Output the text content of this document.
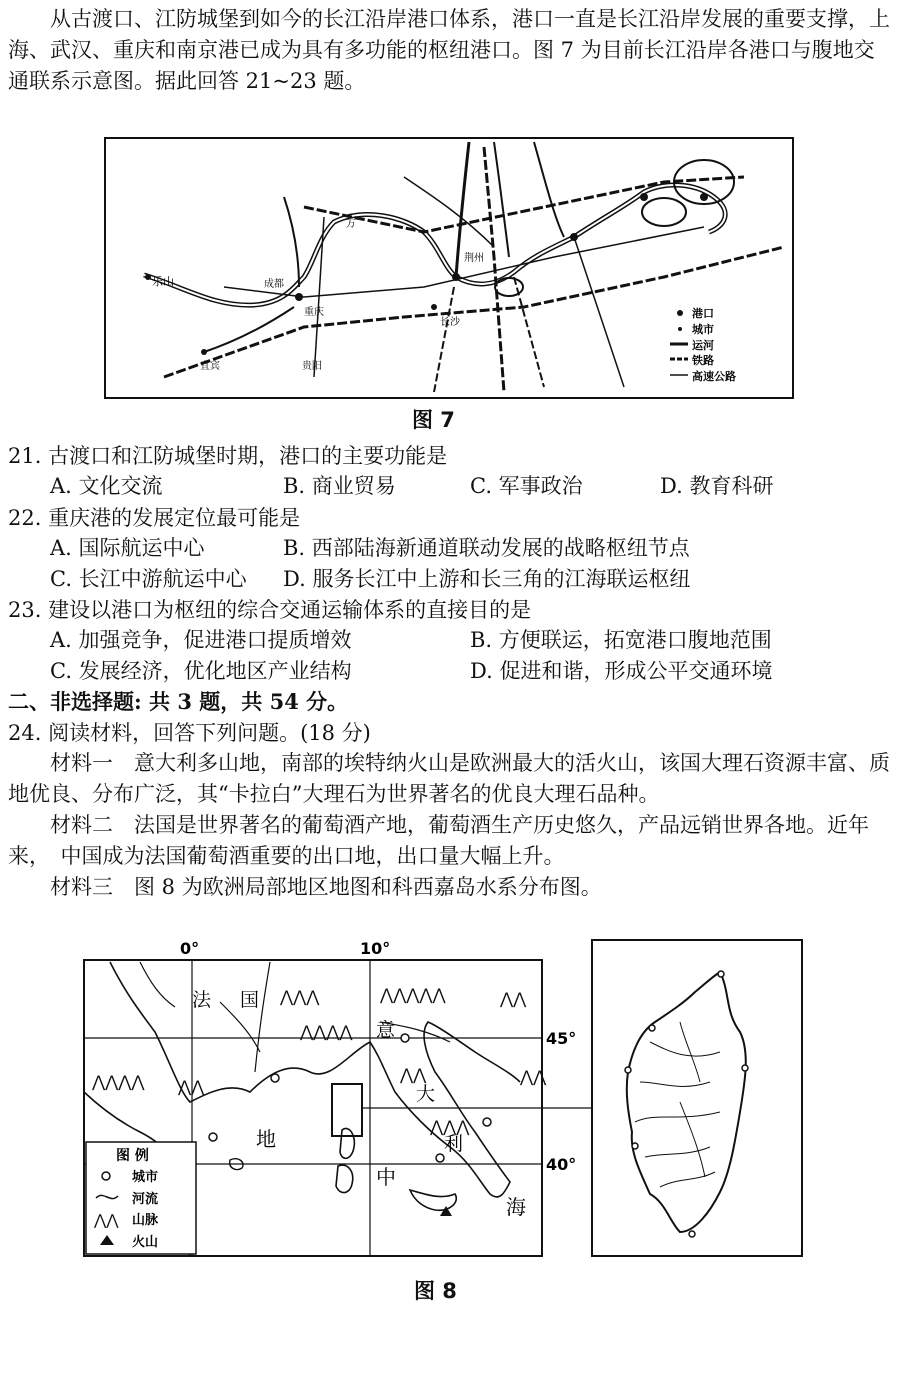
从古渡口、江防城堡到如今的长江沿岸港口体系，港口一直是长江沿岸发展的重要支撑，上海、武汉、重庆和南京港已成为具有多功能的枢纽港口。图 7 为目前长江沿岸各港口与腹地交通联系示意图。据此回答 21~23 题。
乐山
宜宾
万
成都
重庆
荆州
长沙
贵阳
港口
城市
运河
铁路
高速公路
图 7
21. 古渡口和江防城堡时期，港口的主要功能是
A. 文化交流	B. 商业贸易	C. 军事政治	D. 教育科研
22. 重庆港的发展定位最可能是
A. 国际航运中心	B. 西部陆海新通道联动发展的战略枢纽节点
C. 长江中游航运中心 D. 服务长江中上游和长三角的江海联运枢纽
23. 建设以港口为枢纽的综合交通运输体系的直接目的是
A. 加强竞争，促进港口提质增效	B. 方便联运，拓宽港口腹地范围
C. 发展经济，优化地区产业结构	D. 促进和谐，形成公平交通环境
二、非选择题: 共 3 题，共 54 分。
24. 阅读材料，回答下列问题。(18 分)
材料一　意大利多山地，南部的埃特纳火山是欧洲最大的活火山，该国大理石资源丰富、质地优良、分布广泛，其“卡拉白”大理石为世界著名的优良大理石品种。
材料二　法国是世界著名的葡萄酒产地，葡萄酒生产历史悠久，产品远销世界各地。近年来，　中国成为法国葡萄酒重要的出口地，出口量大幅上升。
材料三　图 8 为欧洲局部地区地图和科西嘉岛水系分布图。
0°	10°
45°
40°
⋀⋀⋀⋀ ⋀⋀
⋀⋀⋀
⋀⋀⋀⋀
⋀⋀⋀⋀⋀
⋀⋀
⋀⋀⋀
⋀⋀
⋀⋀
法 国
意
大
利
地
中
海
图 例
城市
河流
⋀⋀ 山脉
火山
图 8
